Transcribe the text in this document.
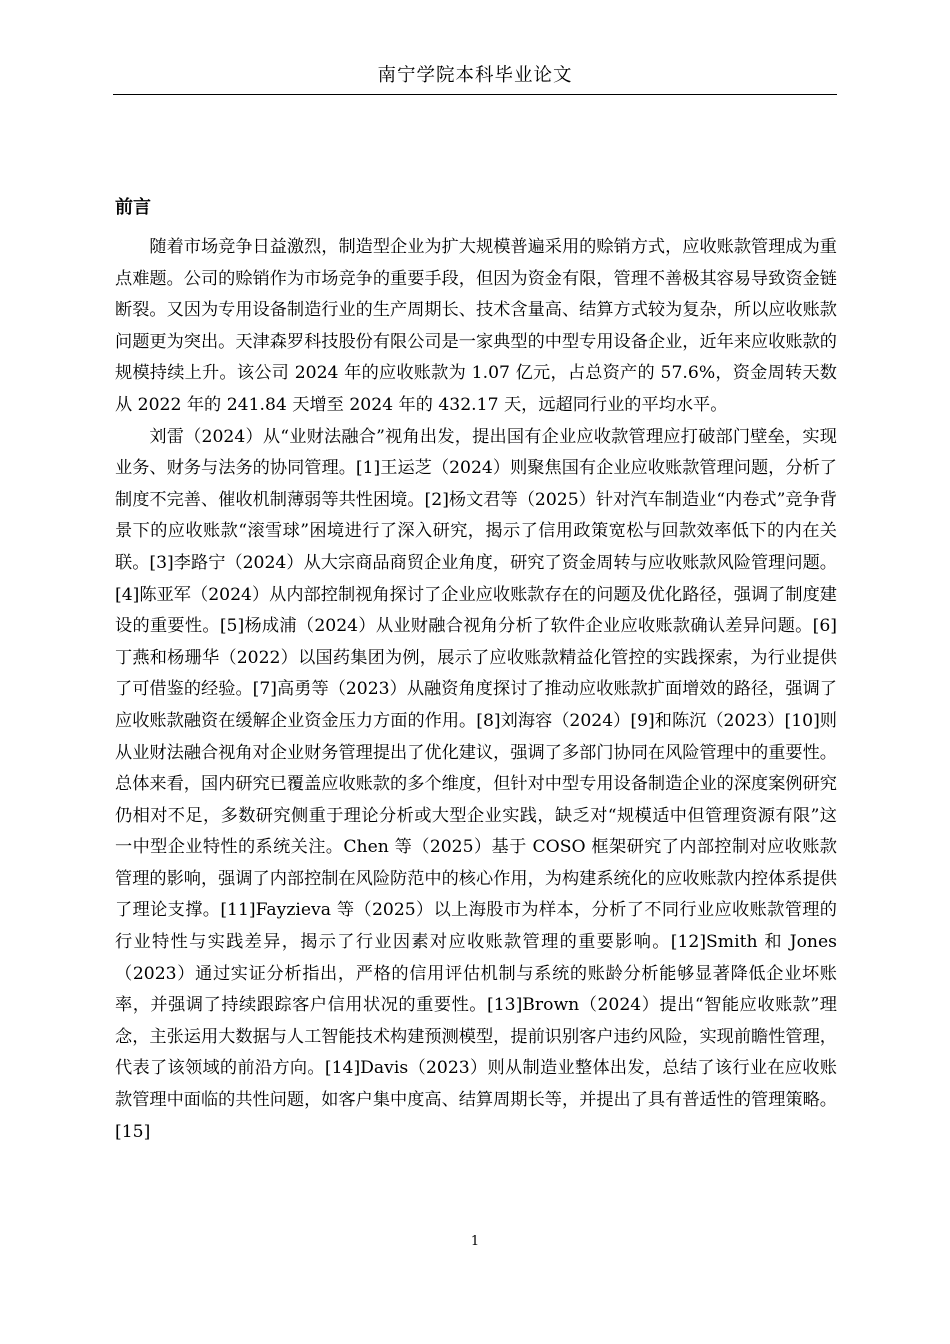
南宁学院本科毕业论文
前言

随着市场竞争日益激烈，制造型企业为扩大规模普遍采用的赊销方式，应收账款管理成为重点难题。公司的赊销作为市场竞争的重要手段，但因为资金有限，管理不善极其容易导致资金链断裂。又因为专用设备制造行业的生产周期长、技术含量高、结算方式较为复杂，所以应收账款问题更为突出。天津森罗科技股份有限公司是一家典型的中型专用设备企业，近年来应收账款的规模持续上升。该公司 2024 年的应收账款为 1.07 亿元，占总资产的 57.6%，资金周转天数从 2022 年的 241.84 天增至 2024 年的 432.17 天，远超同行业的平均水平。

刘雷（2024）从“业财法融合”视角出发，提出国有企业应收款管理应打破部门壁垒，实现业务、财务与法务的协同管理。[1]王运芝（2024）则聚焦国有企业应收账款管理问题，分析了制度不完善、催收机制薄弱等共性困境。[2]杨文君等（2025）针对汽车制造业“内卷式”竞争背景下的应收账款“滚雪球”困境进行了深入研究，揭示了信用政策宽松与回款效率低下的内在关联。[3]李路宁（2024）从大宗商品商贸企业角度，研究了资金周转与应收账款风险管理问题。[4]陈亚军（2024）从内部控制视角探讨了企业应收账款存在的问题及优化路径，强调了制度建设的重要性。[5]杨成浦（2024）从业财融合视角分析了软件企业应收账款确认差异问题。[6]丁燕和杨珊华（2022）以国药集团为例，展示了应收账款精益化管控的实践探索，为行业提供了可借鉴的经验。[7]高勇等（2023）从融资角度探讨了推动应收账款扩面增效的路径，强调了应收账款融资在缓解企业资金压力方面的作用。[8]刘海容（2024）[9]和陈沉（2023）[10]则从业财法融合视角对企业财务管理提出了优化建议，强调了多部门协同在风险管理中的重要性。总体来看，国内研究已覆盖应收账款的多个维度，但针对中型专用设备制造企业的深度案例研究仍相对不足，多数研究侧重于理论分析或大型企业实践，缺乏对“规模适中但管理资源有限”这一中型企业特性的系统关注。Chen 等（2025）基于 COSO 框架研究了内部控制对应收账款管理的影响，强调了内部控制在风险防范中的核心作用，为构建系统化的应收账款内控体系提供了理论支撑。[11]Fayzieva 等（2025）以上海股市为样本，分析了不同行业应收账款管理的行业特性与实践差异，揭示了行业因素对应收账款管理的重要影响。[12]Smith 和 Jones（2023）通过实证分析指出，严格的信用评估机制与系统的账龄分析能够显著降低企业坏账率，并强调了持续跟踪客户信用状况的重要性。[13]Brown（2024）提出“智能应收账款”理念，主张运用大数据与人工智能技术构建预测模型，提前识别客户违约风险，实现前瞻性管理，代表了该领域的前沿方向。[14]Davis（2023）则从制造业整体出发，总结了该行业在应收账款管理中面临的共性问题，如客户集中度高、结算周期长等，并提出了具有普适性的管理策略。[15]

1
